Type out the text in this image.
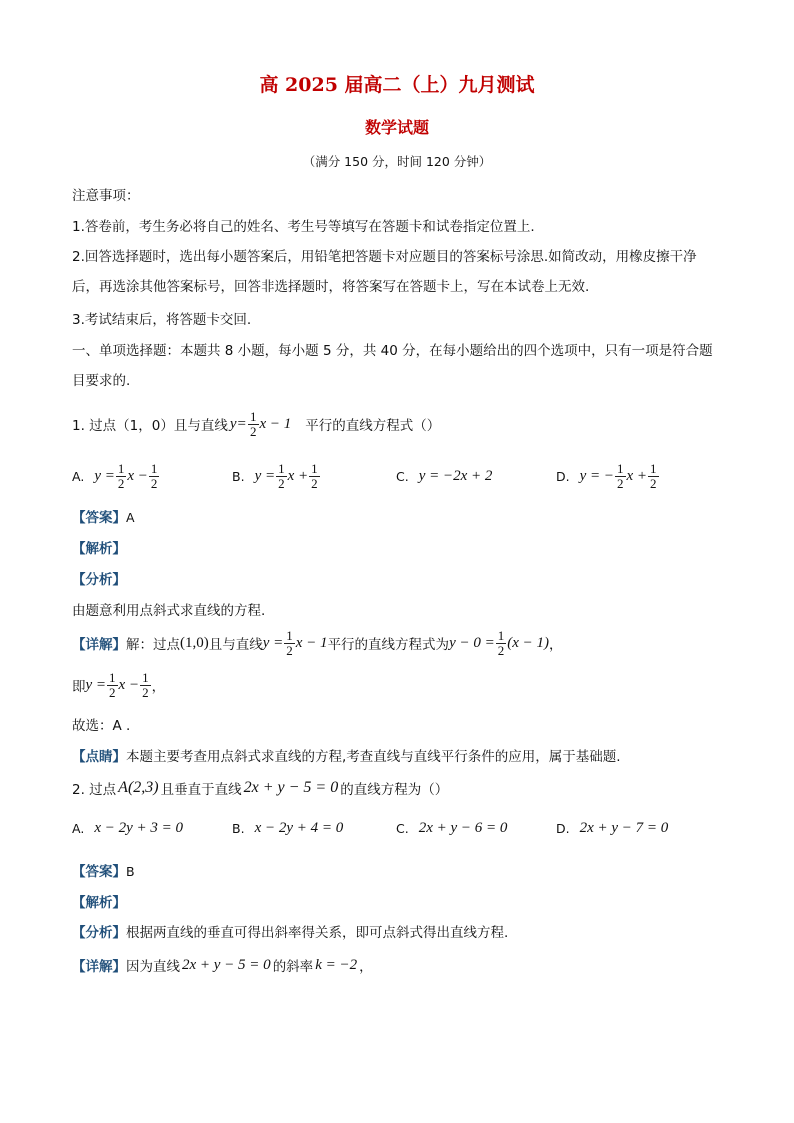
高 2025 届高二（上）九月测试
数学试题
（满分 150 分，时间 120 分钟）
注意事项：
1.答卷前，考生务必将自己的姓名、考生号等填写在答题卡和试卷指定位置上.
2.回答选择题时，选出每小题答案后，用铅笔把答题卡对应题目的答案标号涂思.如简改动，用橡皮擦干净
后，再选涂其他答案标号，回答非选择题时，将答案写在答题卡上，写在本试卷上无效.
3.考试结束后，将答题卡交回.
一、单项选择题：本题共 8 小题，每小题 5 分，共 40 分，在每小题给出的四个选项中，只有一项是符合题
目要求的.
1. 过点（1，0）且与直线 $y = \frac{1}{2}$ x − 1 平行的直线方程式（）
A. $y = \frac{1}{2}$ $x - \frac{1}{2}$	B. $y = \frac{1}{2}$ $x + \frac{1}{2}$	C. y = −2x + 2	D. y = − $\frac{1}{2}$ $x + \frac{1}{2}$
【答案】A
【解析】
【分析】
由题意利用点斜式求直线的方程.
【详解】 解：过点 (1,0) 且与直线 $y = \frac{1}{2}$ x − 1 平行的直线方程式为 $y - 0 = \frac{1}{2} (x - 1)$ ，
即 $y = \frac{1}{2}$ $x - \frac{1}{2}$ ，
故选：A .
【点睛】本题主要考查用点斜式求直线的方程,考查直线与直线平行条件的应用，属于基础题.
2. 过点 A(2,3) 且垂直于直线 2x + y − 5 = 0 的直线方程为（）
A. x − 2y + 3 = 0	B. x − 2y + 4 = 0	C. 2x + y − 6 = 0	D. 2x + y − 7 = 0
【答案】B
【解析】
【分析】根据两直线的垂直可得出斜率得关系，即可点斜式得出直线方程.
【详解】 因为直线 2x + y − 5 = 0 的斜率 k = −2 ，
